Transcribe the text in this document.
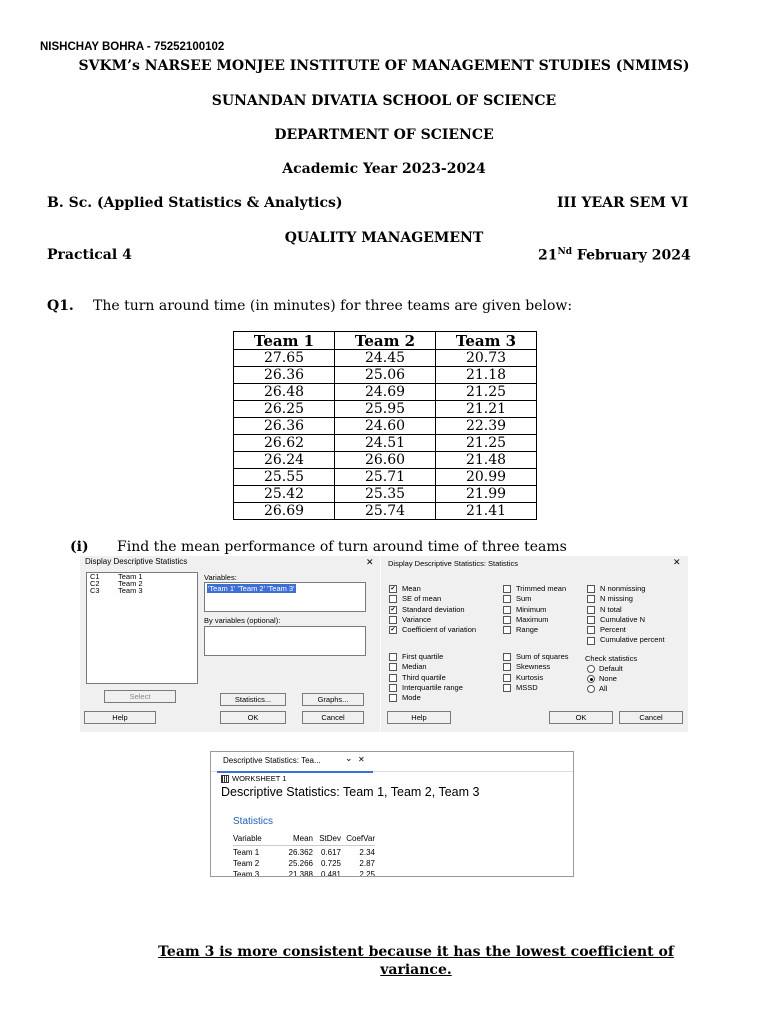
NISHCHAY BOHRA - 75252100102
SVKM’s NARSEE MONJEE INSTITUTE OF MANAGEMENT STUDIES (NMIMS)
SUNANDAN DIVATIA SCHOOL OF SCIENCE
DEPARTMENT OF SCIENCE
Academic Year 2023-2024
B. Sc. (Applied Statistics & Analytics)	III YEAR SEM VI
QUALITY MANAGEMENT
Practical 4	21Nd February 2024
Q1. The turn around time (in minutes) for three teams are given below:
Team 1	Team 2	Team 3
27.65	24.45	20.73
26.36	25.06	21.18
26.48	24.69	21.25
26.25	25.95	21.21
26.36	24.60	22.39
26.62	24.51	21.25
26.24	26.60	21.48
25.55	25.71	20.99
25.42	25.35	21.99
26.69	25.74	21.41
(i) Find the mean performance of turn around time of three teams
Display Descriptive Statistics	✕
C1 Team 1
C2 Team 2
C3 Team 3
Variables:
'Team 1' 'Team 2' 'Team 3'
By variables (optional):
Select	Statistics...	Graphs...
Help	OK	Cancel
Display Descriptive Statistics: Statistics	✕
✔ Mean
SE of mean
✔ Standard deviation
Variance
✔ Coefficient of variation
First quartile
Median
Third quartile
Interquartile range
Mode
Trimmed mean
Sum
Minimum
Maximum
Range
Sum of squares
Skewness
Kurtosis
MSSD
N nonmissing
N missing
N total
Cumulative N
Percent
Cumulative percent
Check statistics
Default
None
All
Help	OK	Cancel
Descriptive Statistics: Tea...	⌄ ✕
WORKSHEET 1
Descriptive Statistics: Team 1, Team 2, Team 3
Statistics
Variable	Mean StDev CoefVar
Team 1	26.362 0.617 2.34
Team 2	25.266 0.725 2.87
Team 3	21.388 0.481 2.25
Team 3 is more consistent because it has the lowest coefficient of variance.
